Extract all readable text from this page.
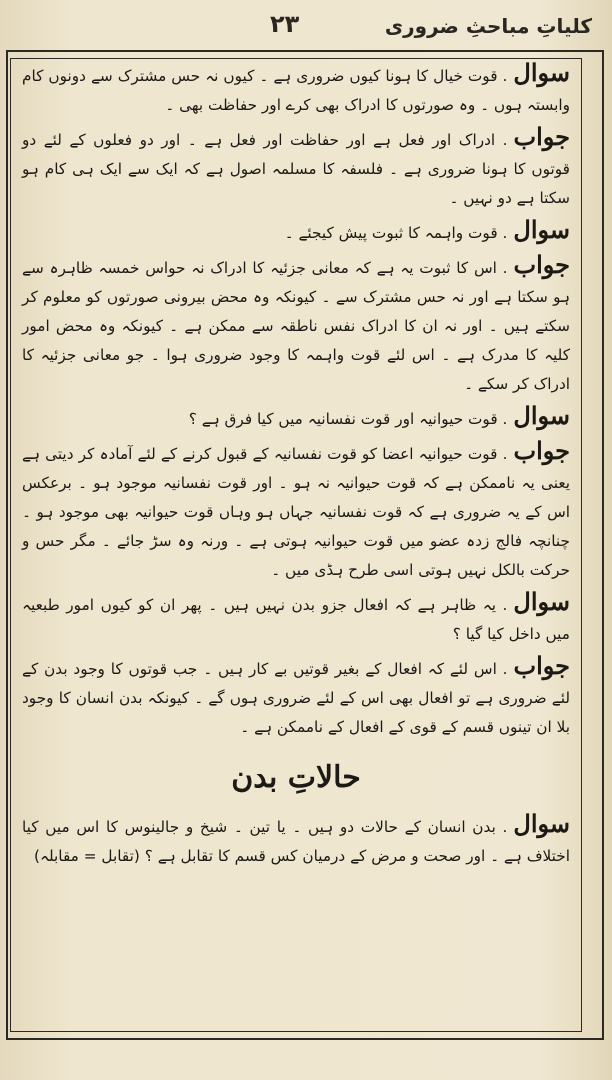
کلیاتِ مباحثِ ضروری
۲۳
سوال. قوت خیال کا ہونا کیوں ضروری ہے ۔ کیوں نہ حس مشترک سے دونوں کام وابستہ ہوں ۔ وہ صورتوں کا ادراک بھی کرے اور حفاظت بھی ۔
جواب. ادراک اور فعل ہے اور حفاظت اور فعل ہے ۔ اور دو فعلوں کے لئے دو قوتوں کا ہونا ضروری ہے ۔ فلسفہ کا مسلمہ اصول ہے کہ ایک سے ایک ہی کام ہو سکتا ہے دو نہیں ۔
سوال. قوت واہمہ کا ثبوت پیش کیجئے ۔
جواب. اس کا ثبوت یہ ہے کہ معانی جزئیہ کا ادراک نہ حواس خمسہ ظاہرہ سے ہو سکتا ہے اور نہ حس مشترک سے ۔ کیونکہ وہ محض بیرونی صورتوں کو معلوم کر سکتے ہیں ۔ اور نہ ان کا ادراک نفس ناطقہ سے ممکن ہے ۔ کیونکہ وہ محض امور کلیہ کا مدرک ہے ۔ اس لئے قوت واہمہ کا وجود ضروری ہوا ۔ جو معانی جزئیہ کا ادراک کر سکے ۔
سوال. قوت حیوانیہ اور قوت نفسانیہ میں کیا فرق ہے ؟
جواب. قوت حیوانیہ اعضا کو قوت نفسانیہ کے قبول کرنے کے لئے آمادہ کر دیتی ہے یعنی یہ ناممکن ہے کہ قوت حیوانیہ نہ ہو ۔ اور قوت نفسانیہ موجود ہو ۔ برعکس اس کے یہ ضروری ہے کہ قوت نفسانیہ جہاں ہو وہاں قوت حیوانیہ بھی موجود ہو ۔ چنانچہ فالج زدہ عضو میں قوت حیوانیہ ہوتی ہے ۔ ورنہ وہ سڑ جائے ۔ مگر حس و حرکت بالکل نہیں ہوتی اسی طرح ہڈی میں ۔
سوال. یہ ظاہر ہے کہ افعال جزو بدن نہیں ہیں ۔ پھر ان کو کیوں امور طبعیہ میں داخل کیا گیا ؟
جواب. اس لئے کہ افعال کے بغیر قوتیں بے کار ہیں ۔ جب قوتوں کا وجود بدن کے لئے ضروری ہے تو افعال بھی اس کے لئے ضروری ہوں گے ۔ کیونکہ بدن انسان کا وجود بلا ان تینوں قسم کے قوی کے افعال کے ناممکن ہے ۔
حالاتِ بدن
سوال. بدن انسان کے حالات دو ہیں ۔ یا تین ۔ شیخ و جالینوس کا اس میں کیا اختلاف ہے ۔ اور صحت و مرض کے درمیان کس قسم کا تقابل ہے ؟ (تقابل = مقابلہ)
